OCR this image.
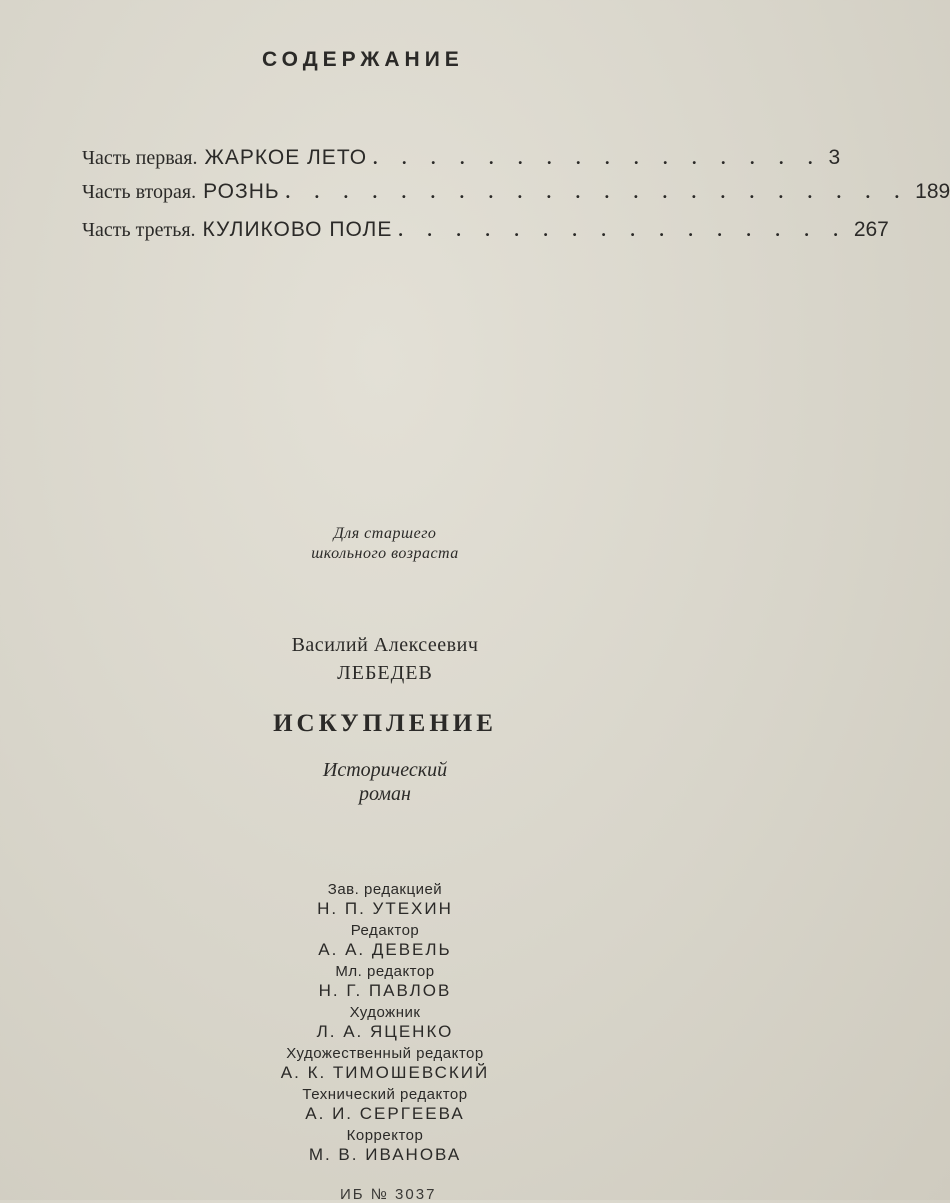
СОДЕРЖАНИЕ
Часть первая. ЖАРКОЕ ЛЕТО . . . . . . . . . . . . . . . . 3
Часть вторая. РОЗНЬ . . . . . . . . . . . . . . . . . . . . . . 189
Часть третья. КУЛИКОВО ПОЛЕ . . . . . . . . . . . . . . . . 267
Для старшего
школьного возраста
Василий Алексеевич
ЛЕБЕДЕВ
ИСКУПЛЕНИЕ
Исторический
роман
Зав. редакцией
Н. П. УТЕХИН
Редактор
А. А. ДЕВЕЛЬ
Мл. редактор
Н. Г. ПАВЛОВ
Художник
Л. А. ЯЦЕНКО
Художественный редактор
А. К. ТИМОШЕВСКИЙ
Технический редактор
А. И. СЕРГЕЕВА
Корректор
М. В. ИВАНОВА
ИБ № 3037
